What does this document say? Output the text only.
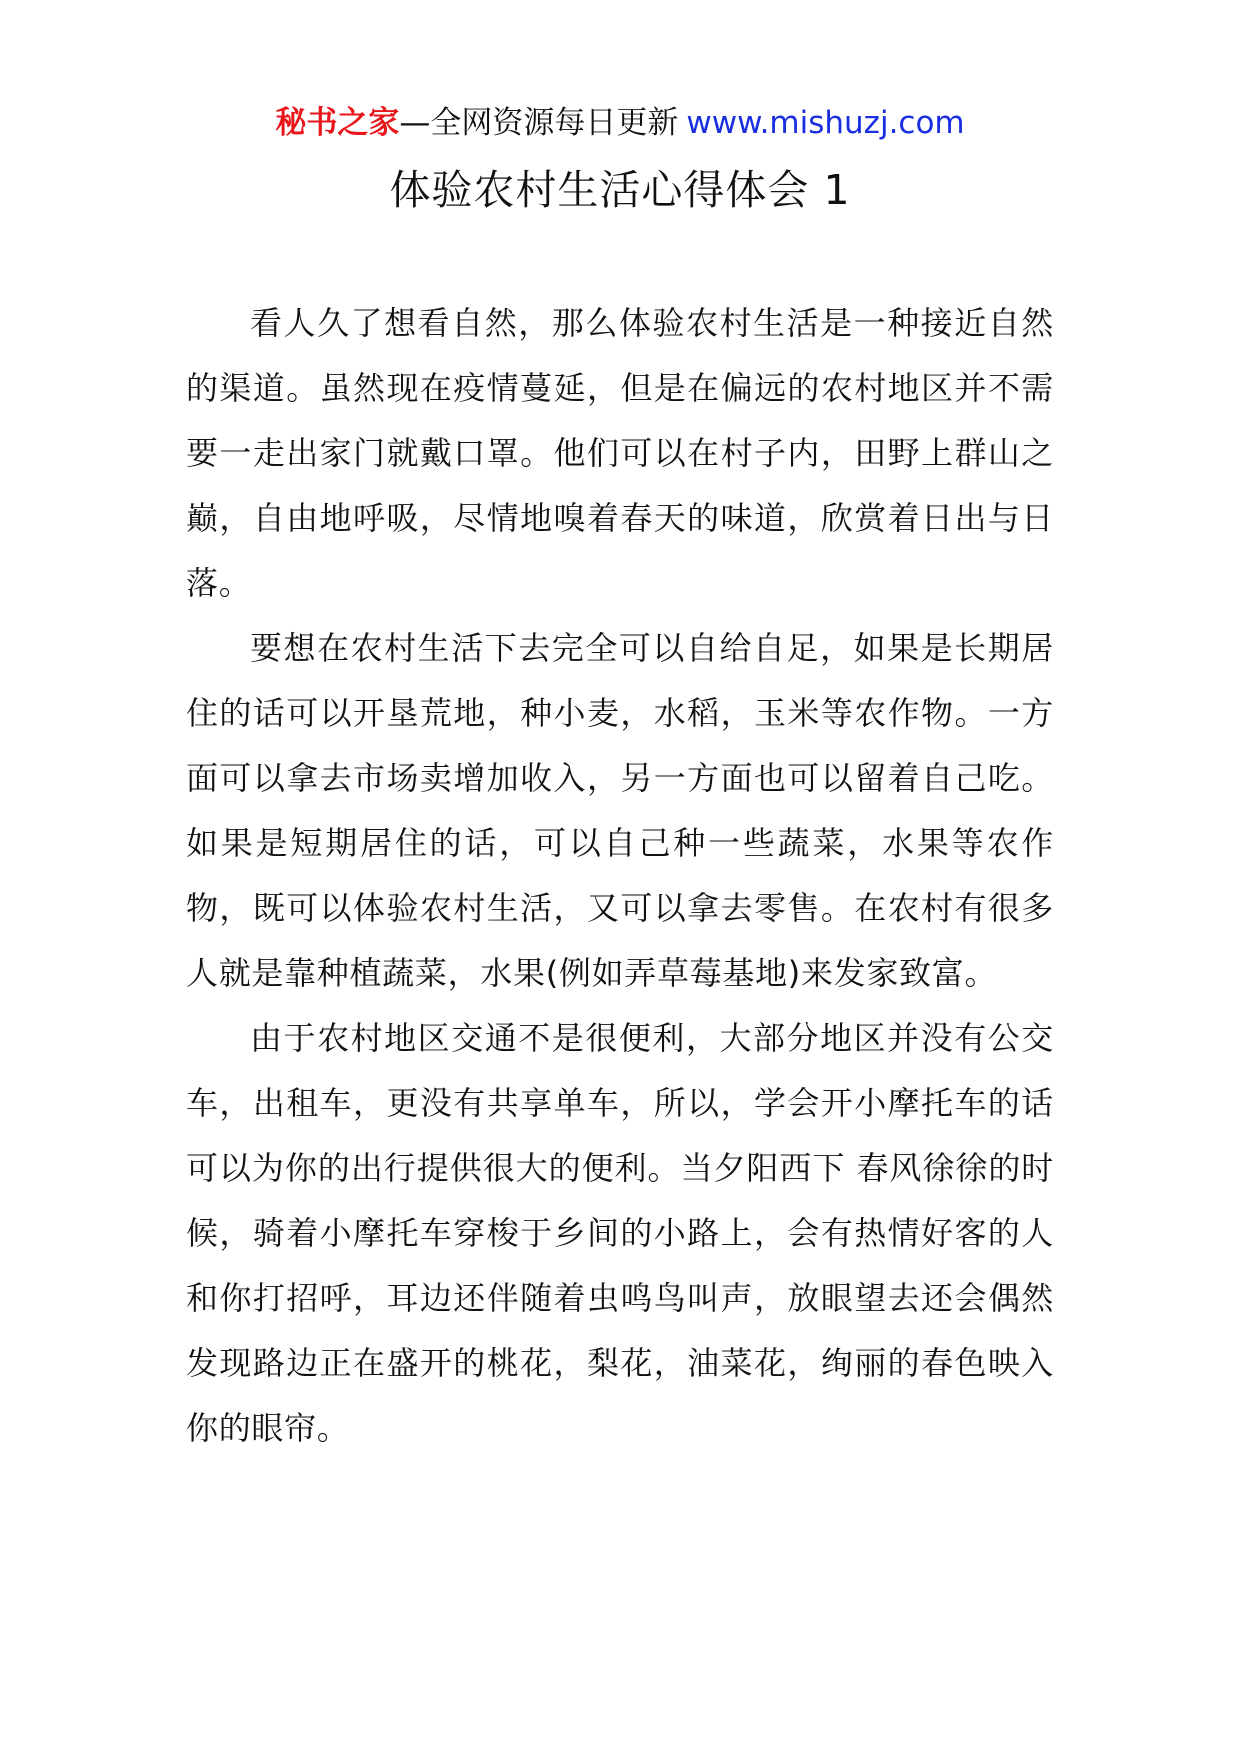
秘书之家—全网资源每日更新 www.mishuzj.com
体验农村生活心得体会 1

看人久了想看自然，那么体验农村生活是一种接近自然的渠道。虽然现在疫情蔓延，但是在偏远的农村地区并不需要一走出家门就戴口罩。他们可以在村子内，田野上群山之巅，自由地呼吸，尽情地嗅着春天的味道，欣赏着日出与日落。

要想在农村生活下去完全可以自给自足，如果是长期居住的话可以开垦荒地，种小麦，水稻，玉米等农作物。一方面可以拿去市场卖增加收入，另一方面也可以留着自己吃。如果是短期居住的话，可以自己种一些蔬菜，水果等农作物，既可以体验农村生活，又可以拿去零售。在农村有很多人就是靠种植蔬菜，水果(例如弄草莓基地)来发家致富。

由于农村地区交通不是很便利，大部分地区并没有公交车，出租车，更没有共享单车，所以，学会开小摩托车的话可以为你的出行提供很大的便利。当夕阳西下 春风徐徐的时候，骑着小摩托车穿梭于乡间的小路上，会有热情好客的人和你打招呼，耳边还伴随着虫鸣鸟叫声，放眼望去还会偶然发现路边正在盛开的桃花，梨花，油菜花，绚丽的春色映入你的眼帘。
